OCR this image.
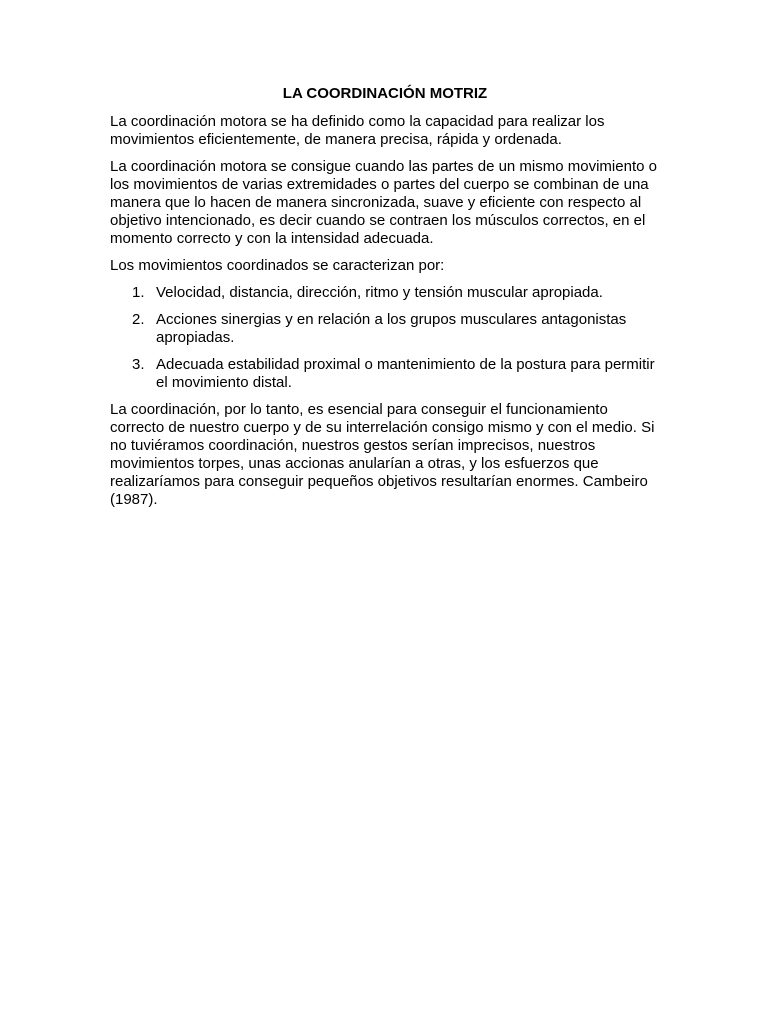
LA COORDINACIÓN MOTRIZ

La coordinación motora se ha definido como la capacidad para realizar los movimientos eficientemente, de manera precisa, rápida y ordenada.

La coordinación motora se consigue cuando las partes de un mismo movimiento o los movimientos de varias extremidades o partes del cuerpo se combinan de una manera que lo hacen de manera sincronizada, suave y eficiente con respecto al objetivo intencionado, es decir cuando se contraen los músculos correctos, en el momento correcto y con la intensidad adecuada.

Los movimientos coordinados se caracterizan por:

1. Velocidad, distancia, dirección, ritmo y tensión muscular apropiada.
2. Acciones sinergias y en relación a los grupos musculares antagonistas apropiadas.
3. Adecuada estabilidad proximal o mantenimiento de la postura para permitir el movimiento distal.

La coordinación, por lo tanto, es esencial para conseguir el funcionamiento correcto de nuestro cuerpo y de su interrelación consigo mismo y con el medio. Si no tuviéramos coordinación, nuestros gestos serían imprecisos, nuestros movimientos torpes, unas accionas anularían a otras, y los esfuerzos que realizaríamos para conseguir pequeños objetivos resultarían enormes. Cambeiro (1987).
